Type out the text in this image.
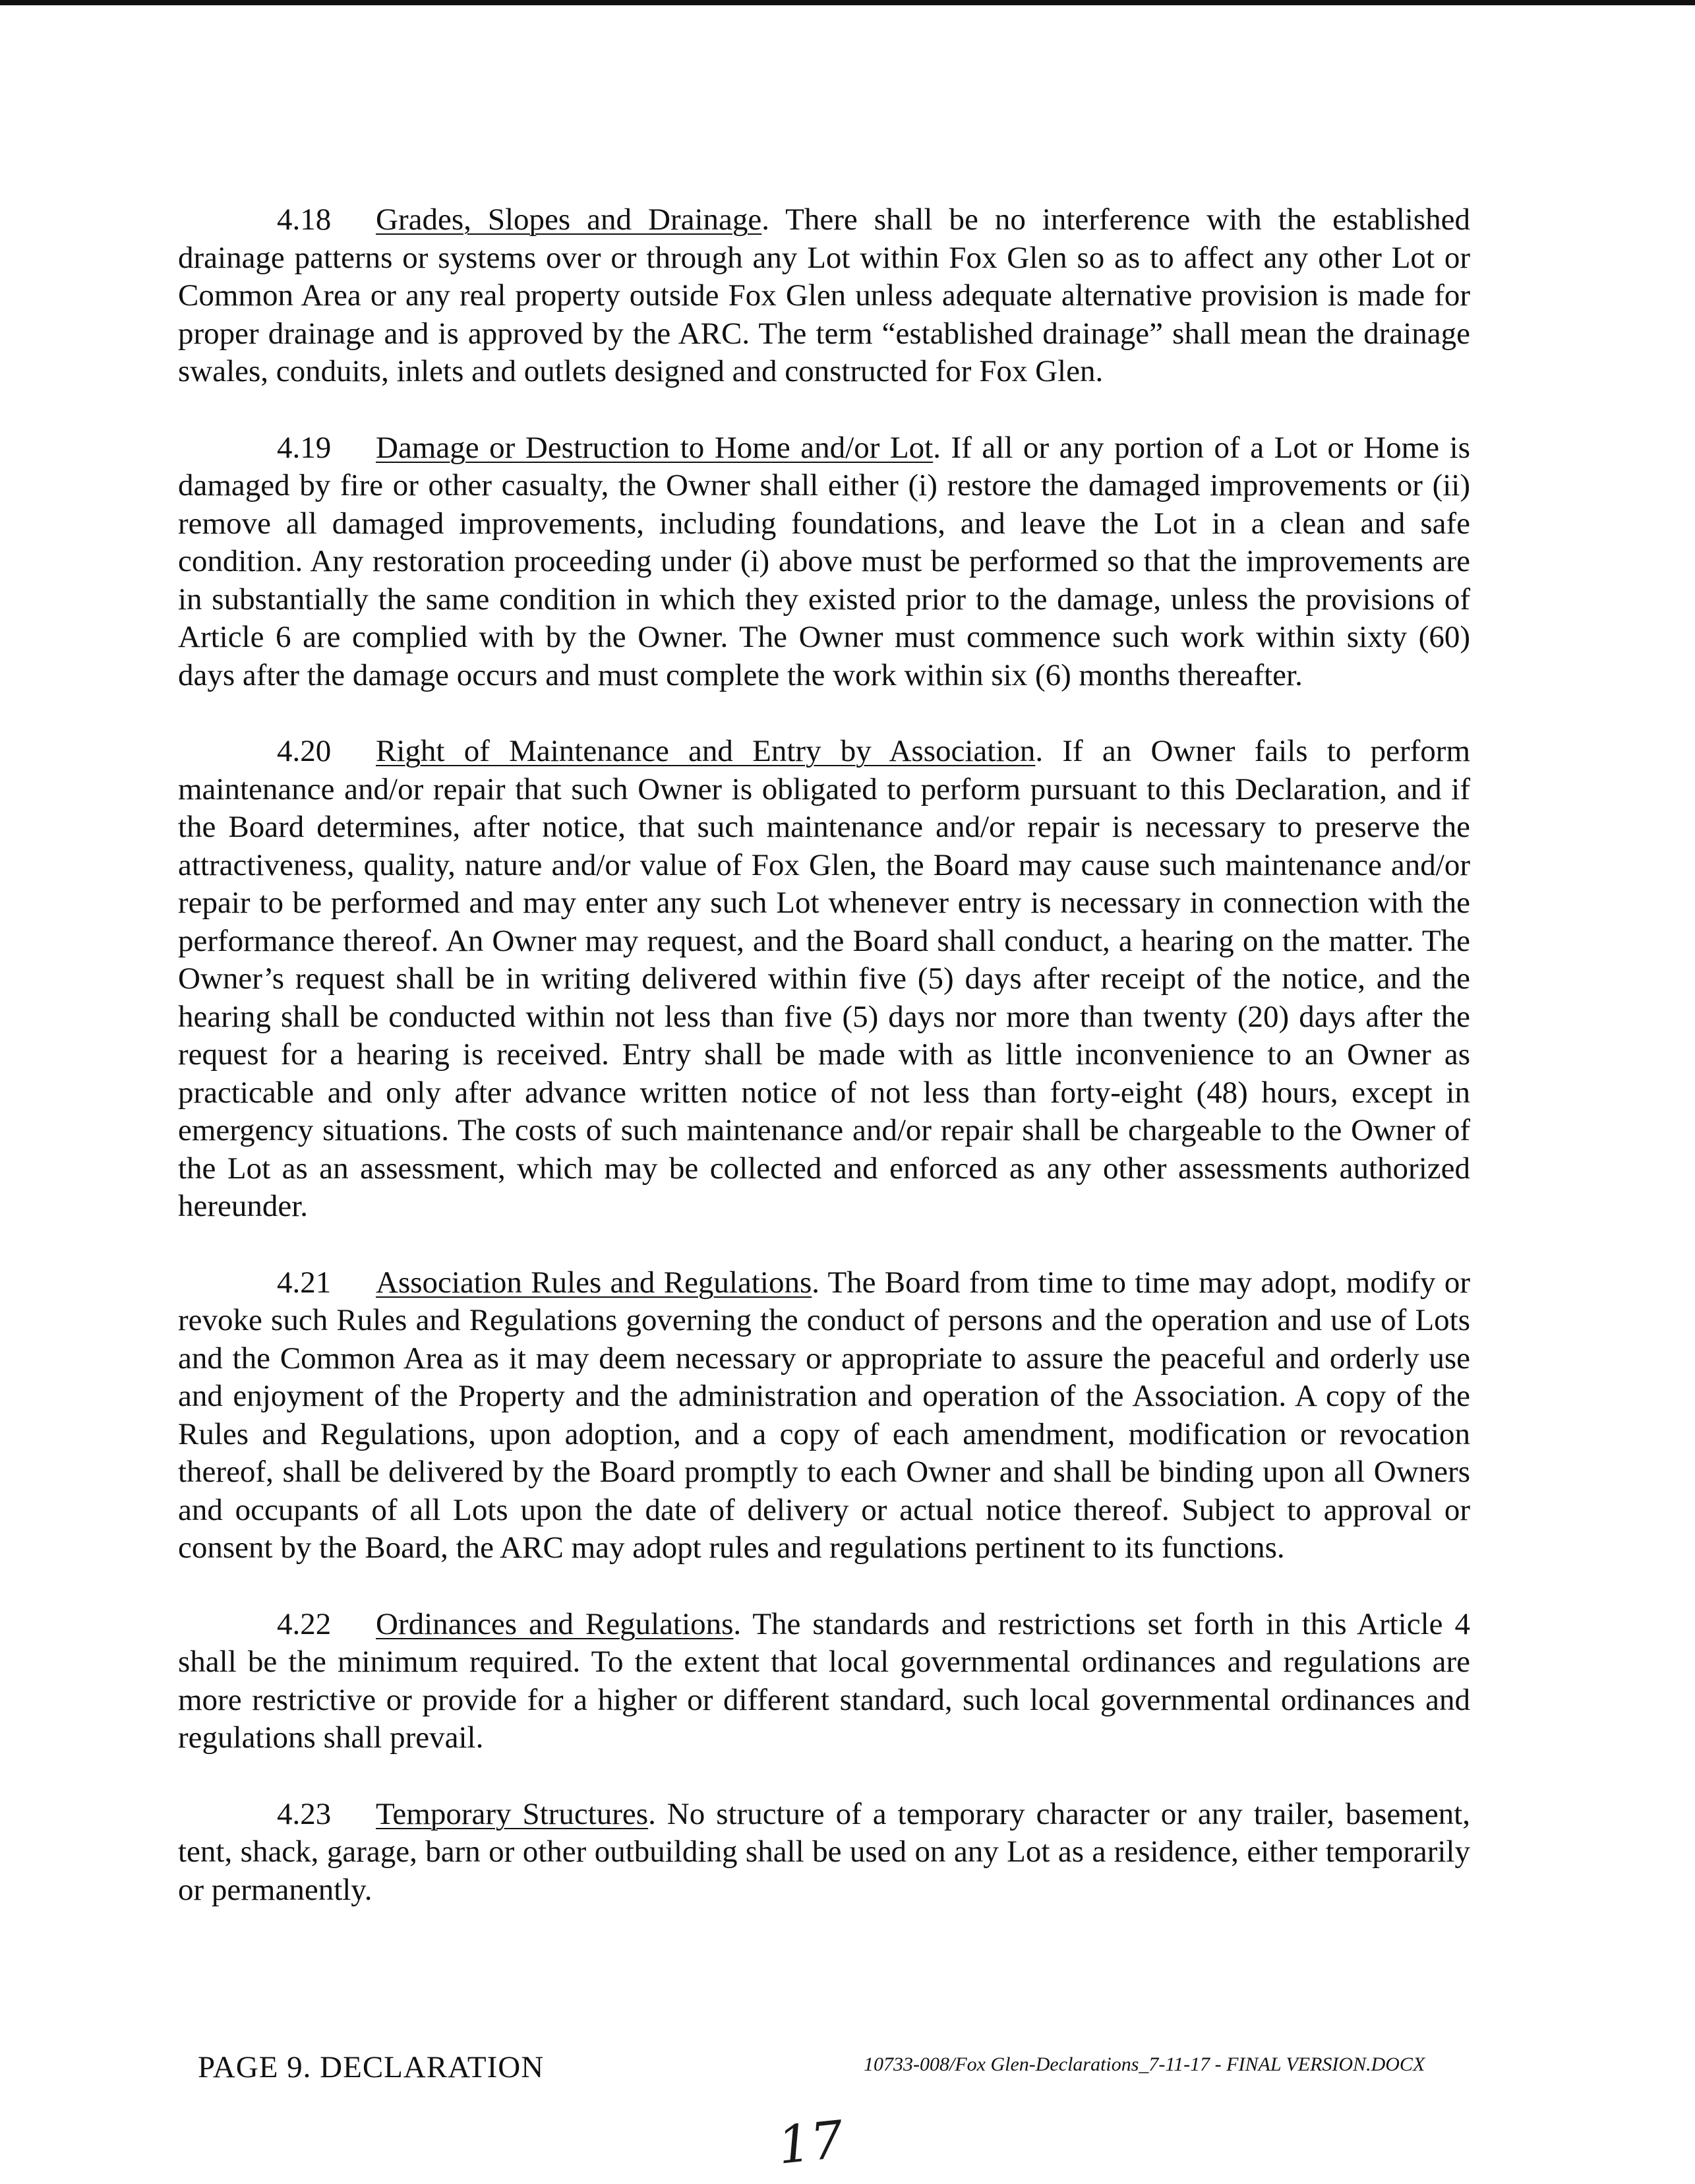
4.18 Grades, Slopes and Drainage. There shall be no interference with the established drainage patterns or systems over or through any Lot within Fox Glen so as to affect any other Lot or Common Area or any real property outside Fox Glen unless adequate alternative provision is made for proper drainage and is approved by the ARC. The term “established drainage” shall mean the drainage swales, conduits, inlets and outlets designed and constructed for Fox Glen.

4.19 Damage or Destruction to Home and/or Lot. If all or any portion of a Lot or Home is damaged by fire or other casualty, the Owner shall either (i) restore the damaged improvements or (ii) remove all damaged improvements, including foundations, and leave the Lot in a clean and safe condition. Any restoration proceeding under (i) above must be performed so that the improvements are in substantially the same condition in which they existed prior to the damage, unless the provisions of Article 6 are complied with by the Owner. The Owner must commence such work within sixty (60) days after the damage occurs and must complete the work within six (6) months thereafter.

4.20 Right of Maintenance and Entry by Association. If an Owner fails to perform maintenance and/or repair that such Owner is obligated to perform pursuant to this Declaration, and if the Board determines, after notice, that such maintenance and/or repair is necessary to preserve the attractiveness, quality, nature and/or value of Fox Glen, the Board may cause such maintenance and/or repair to be performed and may enter any such Lot whenever entry is necessary in connection with the performance thereof. An Owner may request, and the Board shall conduct, a hearing on the matter. The Owner’s request shall be in writing delivered within five (5) days after receipt of the notice, and the hearing shall be conducted within not less than five (5) days nor more than twenty (20) days after the request for a hearing is received. Entry shall be made with as little inconvenience to an Owner as practicable and only after advance written notice of not less than forty-eight (48) hours, except in emergency situations. The costs of such maintenance and/or repair shall be chargeable to the Owner of the Lot as an assessment, which may be collected and enforced as any other assessments authorized hereunder.

4.21 Association Rules and Regulations. The Board from time to time may adopt, modify or revoke such Rules and Regulations governing the conduct of persons and the operation and use of Lots and the Common Area as it may deem necessary or appropriate to assure the peaceful and orderly use and enjoyment of the Property and the administration and operation of the Association. A copy of the Rules and Regulations, upon adoption, and a copy of each amendment, modification or revocation thereof, shall be delivered by the Board promptly to each Owner and shall be binding upon all Owners and occupants of all Lots upon the date of delivery or actual notice thereof. Subject to approval or consent by the Board, the ARC may adopt rules and regulations pertinent to its functions.

4.22 Ordinances and Regulations. The standards and restrictions set forth in this Article 4 shall be the minimum required. To the extent that local governmental ordinances and regulations are more restrictive or provide for a higher or different standard, such local governmental ordinances and regulations shall prevail.

4.23 Temporary Structures. No structure of a temporary character or any trailer, basement, tent, shack, garage, barn or other outbuilding shall be used on any Lot as a residence, either temporarily or permanently.

PAGE 9. DECLARATION	10733-008/Fox Glen-Declarations_7-11-17 - FINAL VERSION.DOCX
17
